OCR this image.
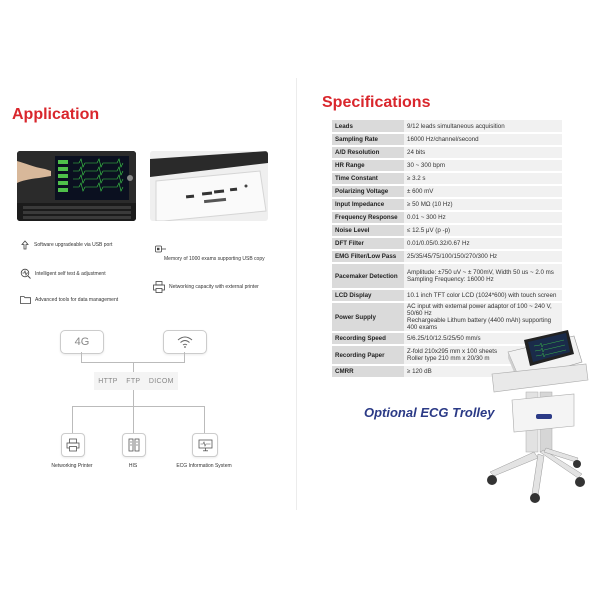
Application
Software upgradeable via USB port
Intelligent self test & adjustment
Advanced tools for data management
Memory of 1000 exams supporting USB copy
Networking capacity with external printer
4G
HTTP FTP DICOM
Networking Printer	HIS	ECG Information System
Specifications
Leads	9/12 leads simultaneous acquisition
Sampling Rate	16000 Hz/channel/second
A/D Resolution	24 bits
HR Range	30 ~ 300 bpm
Time Constant	≥ 3.2 s
Polarizing Voltage	± 600 mV
Input Impedance	≥ 50 MΩ (10 Hz)
Frequency Response	0.01 ~ 300 Hz
Noise Level	≤ 12.5 μV (p -p)
DFT Filter	0.01/0.05/0.32/0.67 Hz
EMG Filter/Low Pass	25/35/45/75/100/150/270/300 Hz
Pacemaker Detection	Amplitude: ±750 uV ~ ± 700mV, Width 50 us ~ 2.0 ms
Sampling Frequency: 16000 Hz

LCD Display	10.1 inch TFT color LCD (1024*600) with touch screen
Power Supply	AC input with external power adaptor of 100 ~ 240 V, 50/60 Hz
Rechargeable Lithum battery (4400 mAh) supporting 400 exams

Recording Speed	5/6.25/10/12.5/25/50 mm/s
Recording Paper	Z-fold 210x295 mm x 100 sheets
Roller type 210 mm x 20/30 m

CMRR	≥ 120 dB
Optional ECG Trolley
